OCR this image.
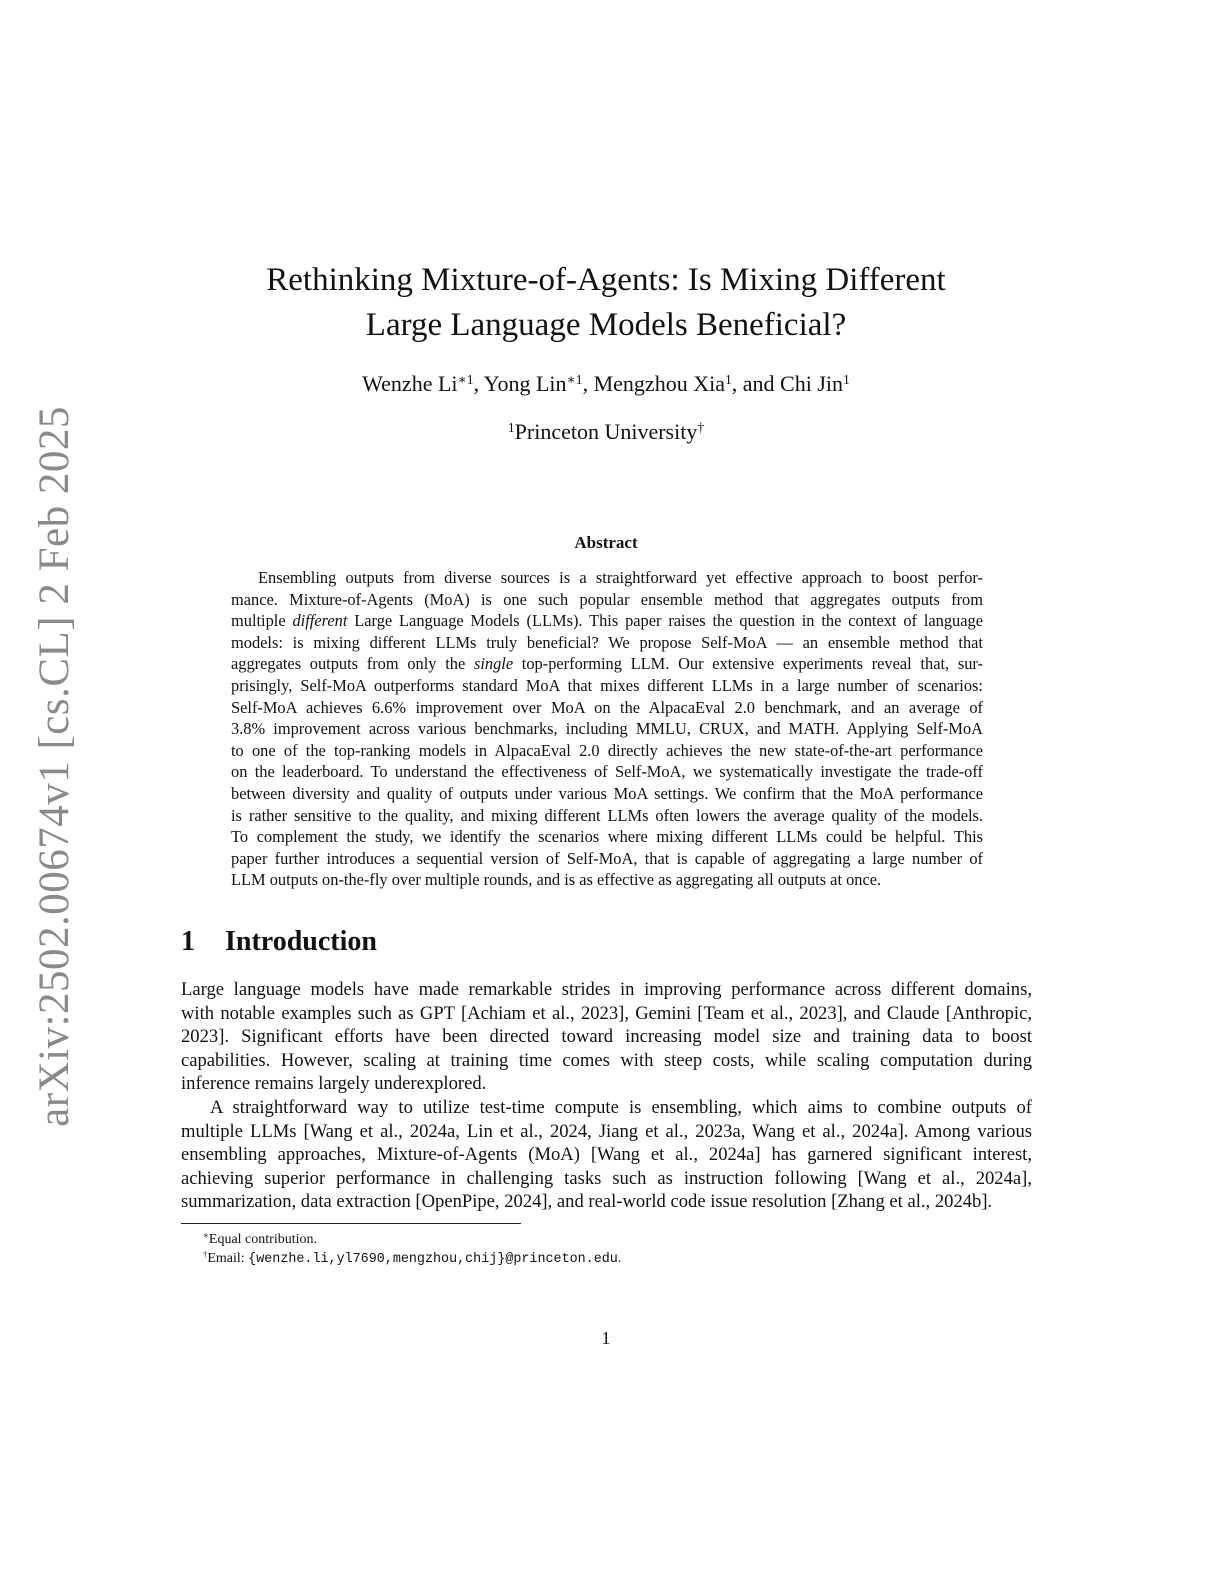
arXiv:2502.00674v1 [cs.CL] 2 Feb 2025
Rethinking Mixture-of-Agents: Is Mixing Different
Large Language Models Beneficial?
Wenzhe $Li^{∗1}$, Yong Lin$^{∗1}$, Mengzhou Xia$^1$, and Chi Jin$^1$
$^1$Princeton University†
Abstract
Ensembling outputs from diverse sources is a straightforward yet effective approach to boost perfor-
mance. Mixture-of-Agents (MoA) is one such popular ensemble method that aggregates outputs from
multiple different Large Language Models (LLMs). This paper raises the question in the context of language
models: is mixing different LLMs truly beneficial? We propose Self-MoA — an ensemble method that
aggregates outputs from only the single top-performing LLM. Our extensive experiments reveal that, sur-
prisingly, Self-MoA outperforms standard MoA that mixes different LLMs in a large number of scenarios:
Self-MoA achieves 6.6% improvement over MoA on the AlpacaEval 2.0 benchmark, and an average of
3.8% improvement across various benchmarks, including MMLU, CRUX, and MATH. Applying Self-MoA
to one of the top-ranking models in AlpacaEval 2.0 directly achieves the new state-of-the-art performance
on the leaderboard. To understand the effectiveness of Self-MoA, we systematically investigate the trade-off
between diversity and quality of outputs under various MoA settings. We confirm that the MoA performance
is rather sensitive to the quality, and mixing different LLMs often lowers the average quality of the models.
To complement the study, we identify the scenarios where mixing different LLMs could be helpful. This
paper further introduces a sequential version of Self-MoA, that is capable of aggregating a large number of
LLM outputs on-the-fly over multiple rounds, and is as effective as aggregating all outputs at once.
1 Introduction
Large language models have made remarkable strides in improving performance across different domains,
with notable examples such as GPT [Achiam et al., 2023], Gemini [Team et al., 2023], and Claude [Anthropic,
2023]. Significant efforts have been directed toward increasing model size and training data to boost
capabilities. However, scaling at training time comes with steep costs, while scaling computation during
inference remains largely underexplored.
A straightforward way to utilize test-time compute is ensembling, which aims to combine outputs of
multiple LLMs [Wang et al., 2024a, Lin et al., 2024, Jiang et al., 2023a, Wang et al., 2024a]. Among various
ensembling approaches, Mixture-of-Agents (MoA) [Wang et al., 2024a] has garnered significant interest,
achieving superior performance in challenging tasks such as instruction following [Wang et al., 2024a],
summarization, data extraction [OpenPipe, 2024], and real-world code issue resolution [Zhang et al., 2024b].
∗Equal contribution.
†Email: {wenzhe.li,yl7690,mengzhou,chij}@princeton.edu.
1
